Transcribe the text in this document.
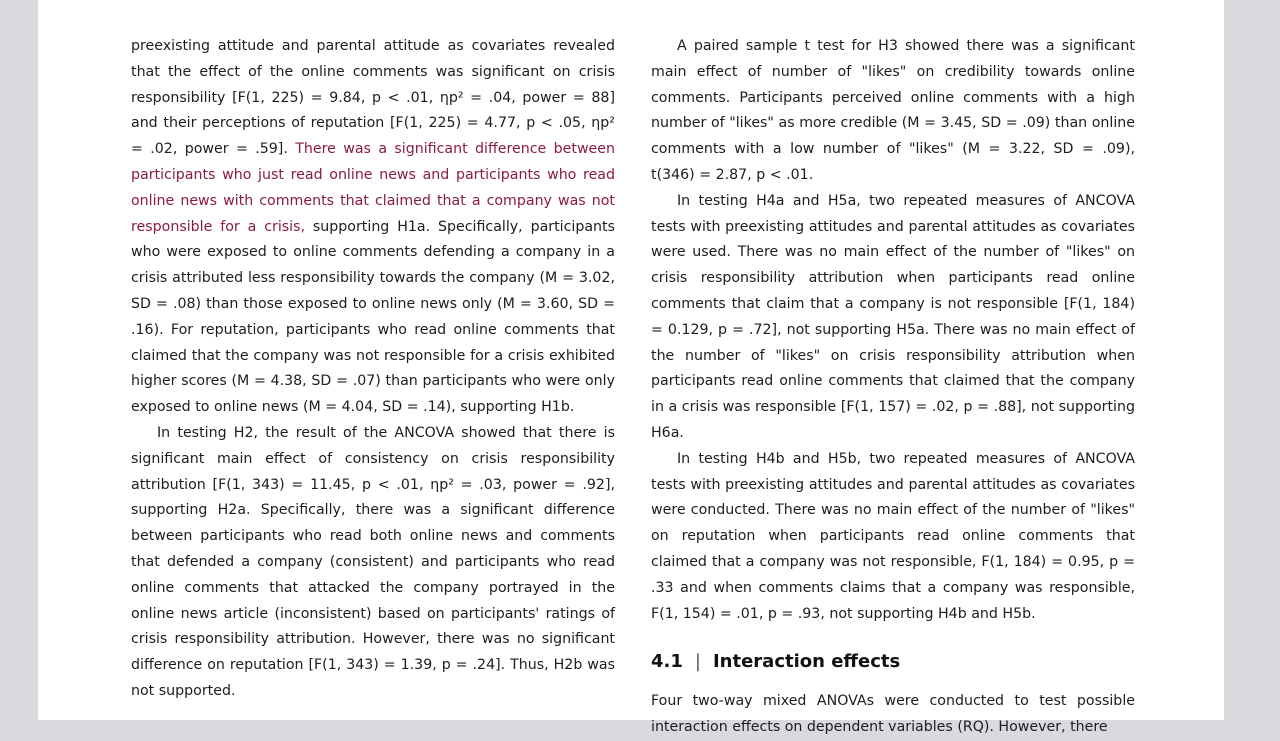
preexisting attitude and parental attitude as covariates revealed that the effect of the online comments was significant on crisis responsibility [F(1, 225) = 9.84, p < .01, ηp² = .04, power = 88] and their perceptions of reputation [F(1, 225) = 4.77, p < .05, ηp² = .02, power = .59]. There was a significant difference between participants who just read online news and participants who read online news with comments that claimed that a company was not responsible for a crisis, supporting H1a. Specifically, participants who were exposed to online comments defending a company in a crisis attributed less responsibility towards the company (M = 3.02, SD = .08) than those exposed to online news only (M = 3.60, SD = .16). For reputation, participants who read online comments that claimed that the company was not responsible for a crisis exhibited higher scores (M = 4.38, SD = .07) than participants who were only exposed to online news (M = 4.04, SD = .14), supporting H1b.

In testing H2, the result of the ANCOVA showed that there is significant main effect of consistency on crisis responsibility attribution [F(1, 343) = 11.45, p < .01, ηp² = .03, power = .92], supporting H2a. Specifically, there was a significant difference between participants who read both online news and comments that defended a company (consistent) and participants who read online comments that attacked the company portrayed in the online news article (inconsistent) based on participants' ratings of crisis responsibility attribution. However, there was no significant difference on reputation [F(1, 343) = 1.39, p = .24]. Thus, H2b was not supported.

A paired sample t test for H3 showed there was a significant main effect of number of "likes" on credibility towards online comments. Participants perceived online comments with a high number of "likes" as more credible (M = 3.45, SD = .09) than online comments with a low number of "likes" (M = 3.22, SD = .09), t(346) = 2.87, p < .01.

In testing H4a and H5a, two repeated measures of ANCOVA tests with preexisting attitudes and parental attitudes as covariates were used. There was no main effect of the number of "likes" on crisis responsibility attribution when participants read online comments that claim that a company is not responsible [F(1, 184) = 0.129, p = .72], not supporting H5a. There was no main effect of the number of "likes" on crisis responsibility attribution when participants read online comments that claimed that the company in a crisis was responsible [F(1, 157) = .02, p = .88], not supporting H6a.

In testing H4b and H5b, two repeated measures of ANCOVA tests with preexisting attitudes and parental attitudes as covariates were conducted. There was no main effect of the number of "likes" on reputation when participants read online comments that claimed that a company was not responsible, F(1, 184) = 0.95, p = .33 and when comments claims that a company was responsible, F(1, 154) = .01, p = .93, not supporting H4b and H5b.

4.1 | Interaction effects

Four two-way mixed ANOVAs were conducted to test possible interaction effects on dependent variables (RQ). However, there
